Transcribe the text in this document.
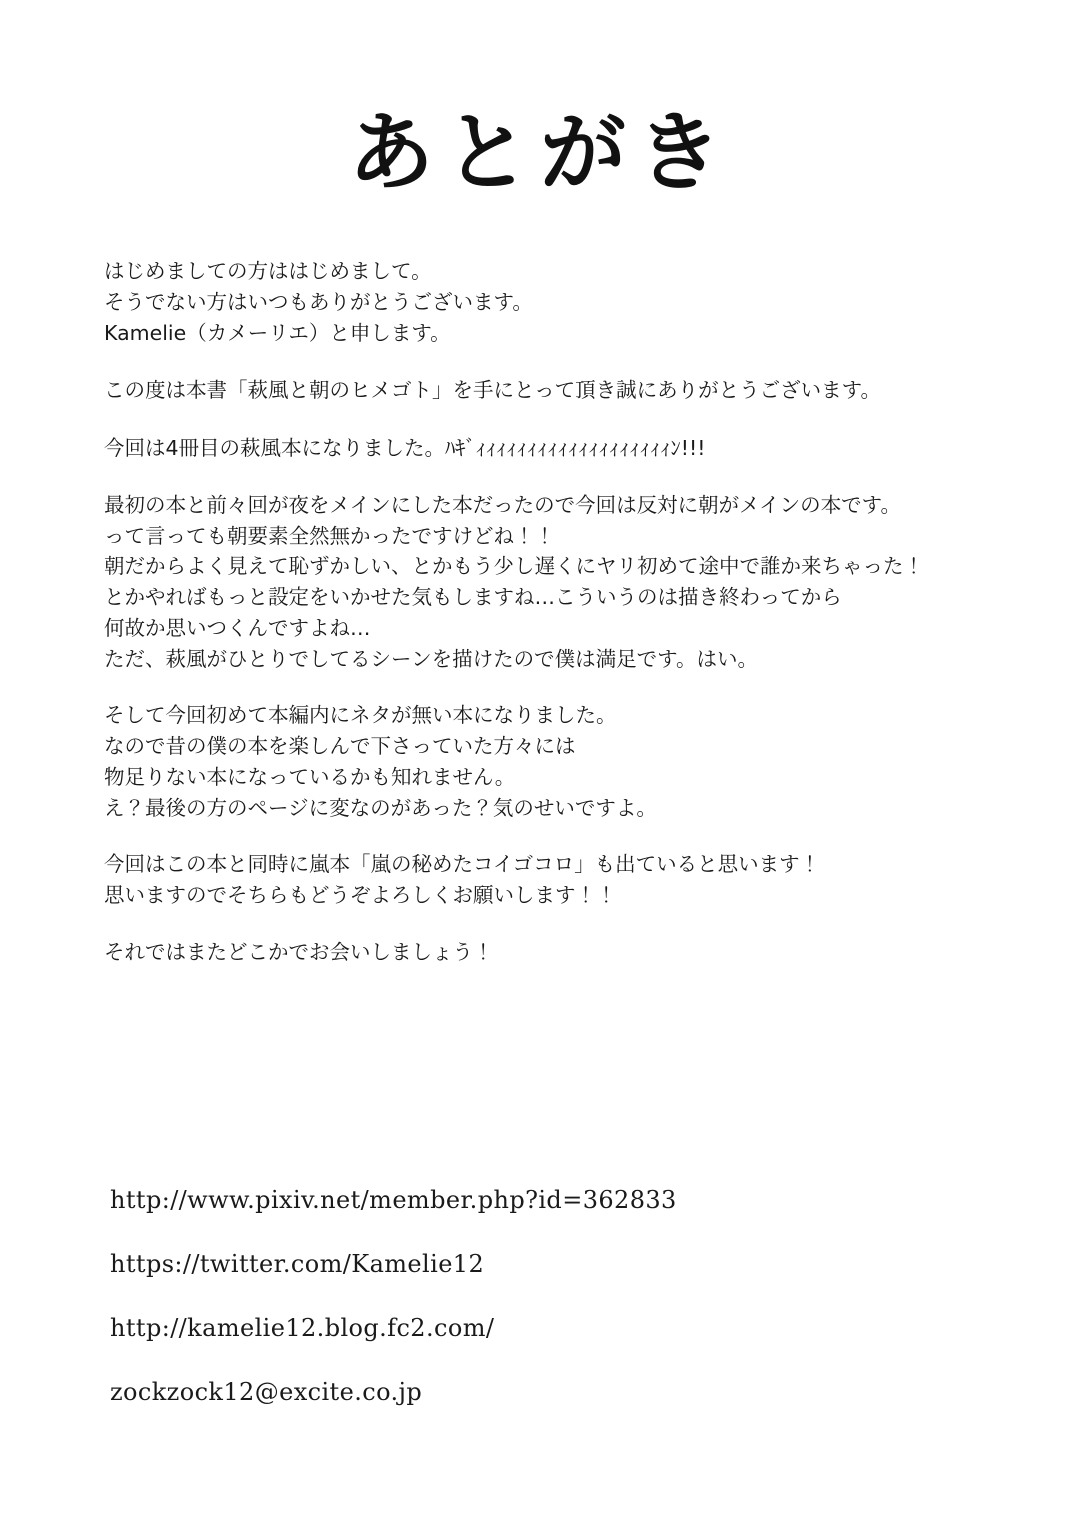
あとがき
はじめましての方ははじめまして。
そうでない方はいつもありがとうございます。
Kamelie（カメーリエ）と申します。
この度は本書「萩風と朝のヒメゴト」を手にとって頂き誠にありがとうございます。
今回は4冊目の萩風本になりました。ﾊｷﾞｨｨｨｨｨｨｨｨｨｨｨｨｨｨｨｨｨｨｨﾝ!!!
最初の本と前々回が夜をメインにした本だったので今回は反対に朝がメインの本です。
って言っても朝要素全然無かったですけどね！！
朝だからよく見えて恥ずかしい、とかもう少し遅くにヤリ初めて途中で誰か来ちゃった！
とかやればもっと設定をいかせた気もしますね…こういうのは描き終わってから
何故か思いつくんですよね…
ただ、萩風がひとりでしてるシーンを描けたので僕は満足です。はい。
そして今回初めて本編内にネタが無い本になりました。
なので昔の僕の本を楽しんで下さっていた方々には
物足りない本になっているかも知れません。
え？最後の方のページに変なのがあった？気のせいですよ。
今回はこの本と同時に嵐本「嵐の秘めたコイゴコロ」も出ていると思います！
思いますのでそちらもどうぞよろしくお願いします！！
それではまたどこかでお会いしましょう！
http://www.pixiv.net/member.php?id=362833
https://twitter.com/Kamelie12
http://kamelie12.blog.fc2.com/
zockzock12@excite.co.jp
